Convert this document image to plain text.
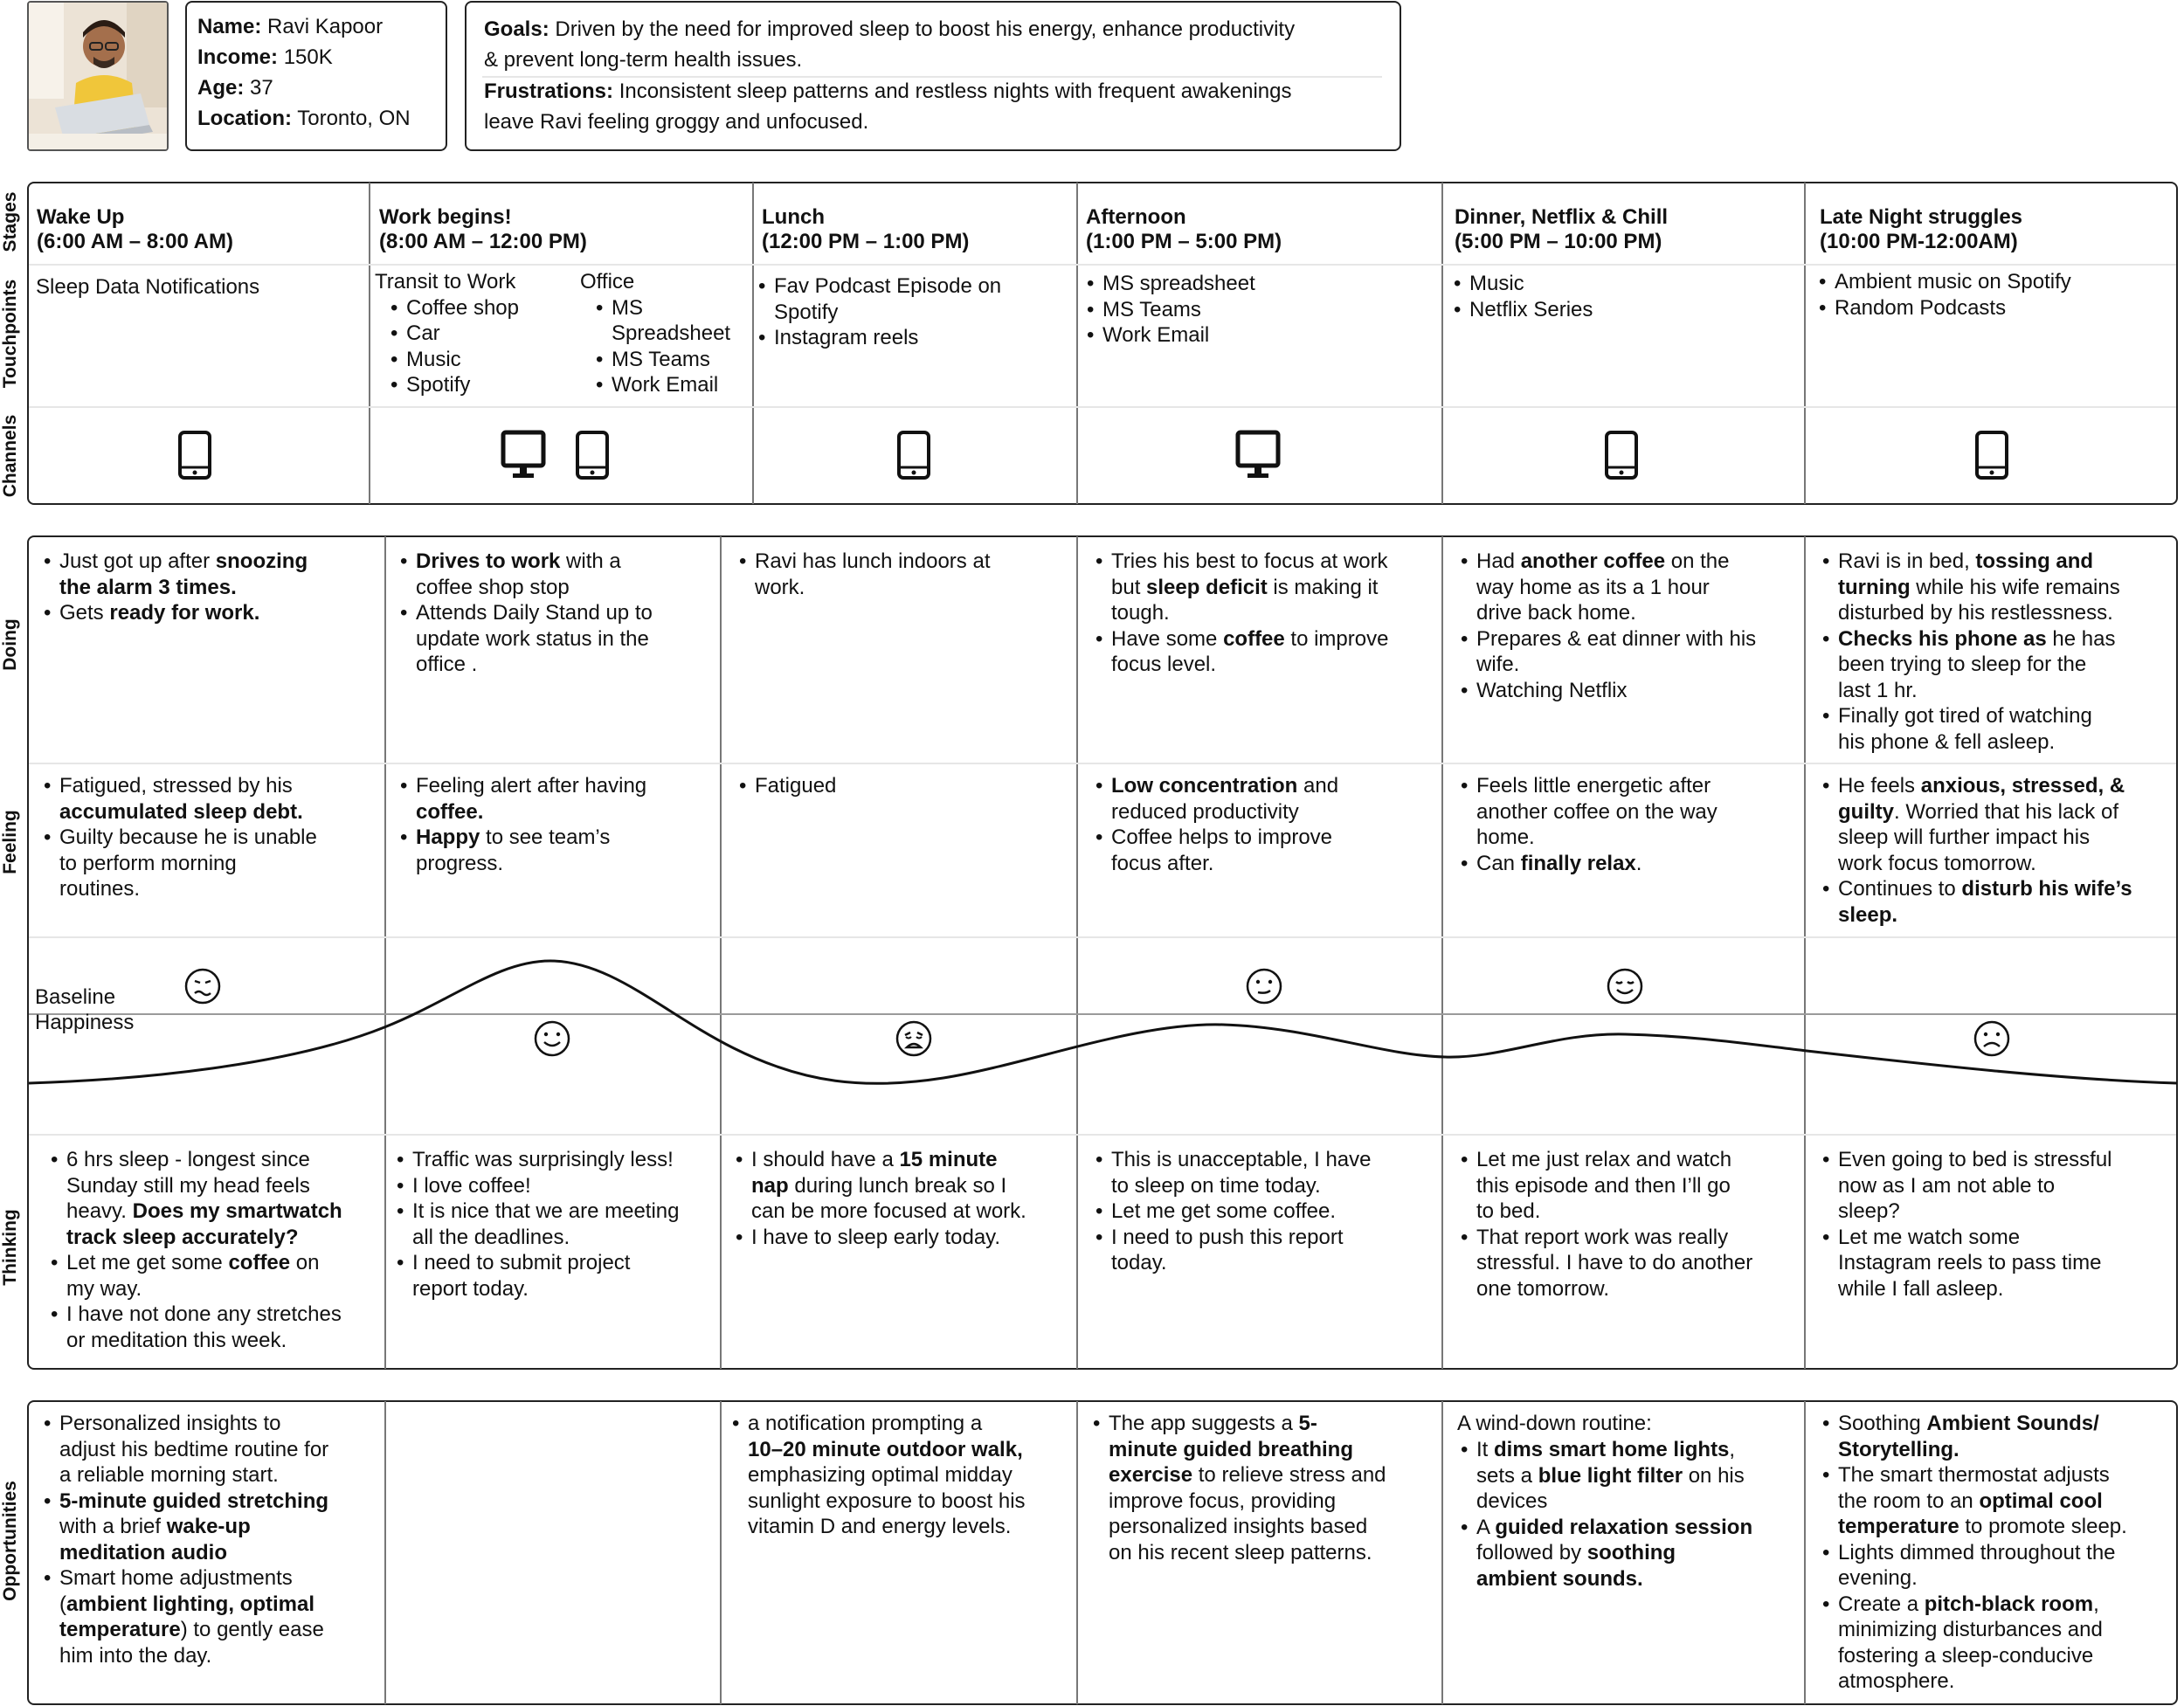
Name: Ravi Kapoor
Income: 150K
Age: 37
Location: Toronto, ON
Goals: Driven by the need for improved sleep to boost his energy, enhance productivity
& prevent long-term health issues.
Frustrations: Inconsistent sleep patterns and restless nights with frequent awakenings
leave Ravi feeling groggy and unfocused.
Stages
Touchpoints
Channels
Wake Up
(6:00 AM – 8:00 AM)
Work begins!
(8:00 AM – 12:00 PM)
Lunch
(12:00 PM – 1:00 PM)
Afternoon
(1:00 PM – 5:00 PM)
Dinner, Netflix & Chill
(5:00 PM – 10:00 PM)
Late Night struggles
(10:00 PM-12:00AM)
Sleep Data Notifications	Transit to Work
• Coffee shop
• Car
• Music
• Spotify
Office
• MS
Spreadsheet
• MS Teams
• Work Email
• Fav Podcast Episode on
Spotify
• Instagram reels
• MS spreadsheet
• MS Teams
• Work Email
• Music
• Netflix Series
• Ambient music on Spotify
• Random Podcasts
Doing
Feeling
Thinking
• Just got up after snoozing
the alarm 3 times.
• Gets ready for work.
• Drives to work with a
coffee shop stop
• Attends Daily Stand up to
update work status in the
office .
• Ravi has lunch indoors at
work.
• Tries his best to focus at work
but sleep deficit is making it
tough.
• Have some coffee to improve
focus level.
• Had another coffee on the
way home as its a 1 hour
drive back home.
• Prepares & eat dinner with his
wife.
• Watching Netflix
• Ravi is in bed, tossing and
turning while his wife remains
disturbed by his restlessness.
• Checks his phone as he has
been trying to sleep for the
last 1 hr.
• Finally got tired of watching
his phone & fell asleep.
• Fatigued, stressed by his
accumulated sleep debt.
• Guilty because he is unable
to perform morning
routines.
• Feeling alert after having
coffee.
• Happy to see team’s
progress.
• Fatigued
•	Low concentration and
reduced productivity
• Coffee helps to improve
focus after.
• Feels little energetic after
another coffee on the way
home.
• Can finally relax.
• He feels anxious, stressed, &
guilty. Worried that his lack of
sleep will further impact his
work focus tomorrow.
• Continues to disturb his wife’s
sleep.
Baseline
Happiness
• 6 hrs sleep - longest since
Sunday still my head feels
heavy. Does my smartwatch
track sleep accurately?
• Let me get some coffee on
my way.
• I have not done any stretches
or meditation this week.
• Traffic was surprisingly less!
• I love coffee!
• It is nice that we are meeting
all the deadlines.
• I need to submit project
report today.
• I should have a 15 minute
nap during lunch break so I
can be more focused at work.
• I have to sleep early today.
• This is unacceptable, I have
to sleep on time today.
• Let me get some coffee.
• I need to push this report
today.
• Let me just relax and watch
this episode and then I’ll go
to bed.
• That report work was really
stressful. I have to do another
one tomorrow.
• Even going to bed is stressful
now as I am not able to
sleep?
• Let me watch some
Instagram reels to pass time
while I fall asleep.
Opportunities
• Personalized insights to
adjust his bedtime routine for
a reliable morning start.
• 5-minute guided stretching
with a brief wake-up
meditation audio
• Smart home adjustments
(ambient lighting, optimal
temperature) to gently ease
him into the day.
• a notification prompting a
10–20 minute outdoor walk,
emphasizing optimal midday
sunlight exposure to boost his
vitamin D and energy levels.
• The app suggests a 5-
minute guided breathing
exercise to relieve stress and
improve focus, providing
personalized insights based
on his recent sleep patterns.
A wind-down routine:
• It dims smart home lights,
sets a blue light filter on his
devices
• A guided relaxation session
followed by soothing
ambient sounds.
• Soothing Ambient Sounds/
Storytelling.
• The smart thermostat adjusts
the room to an optimal cool
temperature to promote sleep.
• Lights dimmed throughout the
evening.
• Create a pitch-black room,
minimizing disturbances and
fostering a sleep-conducive
atmosphere.
